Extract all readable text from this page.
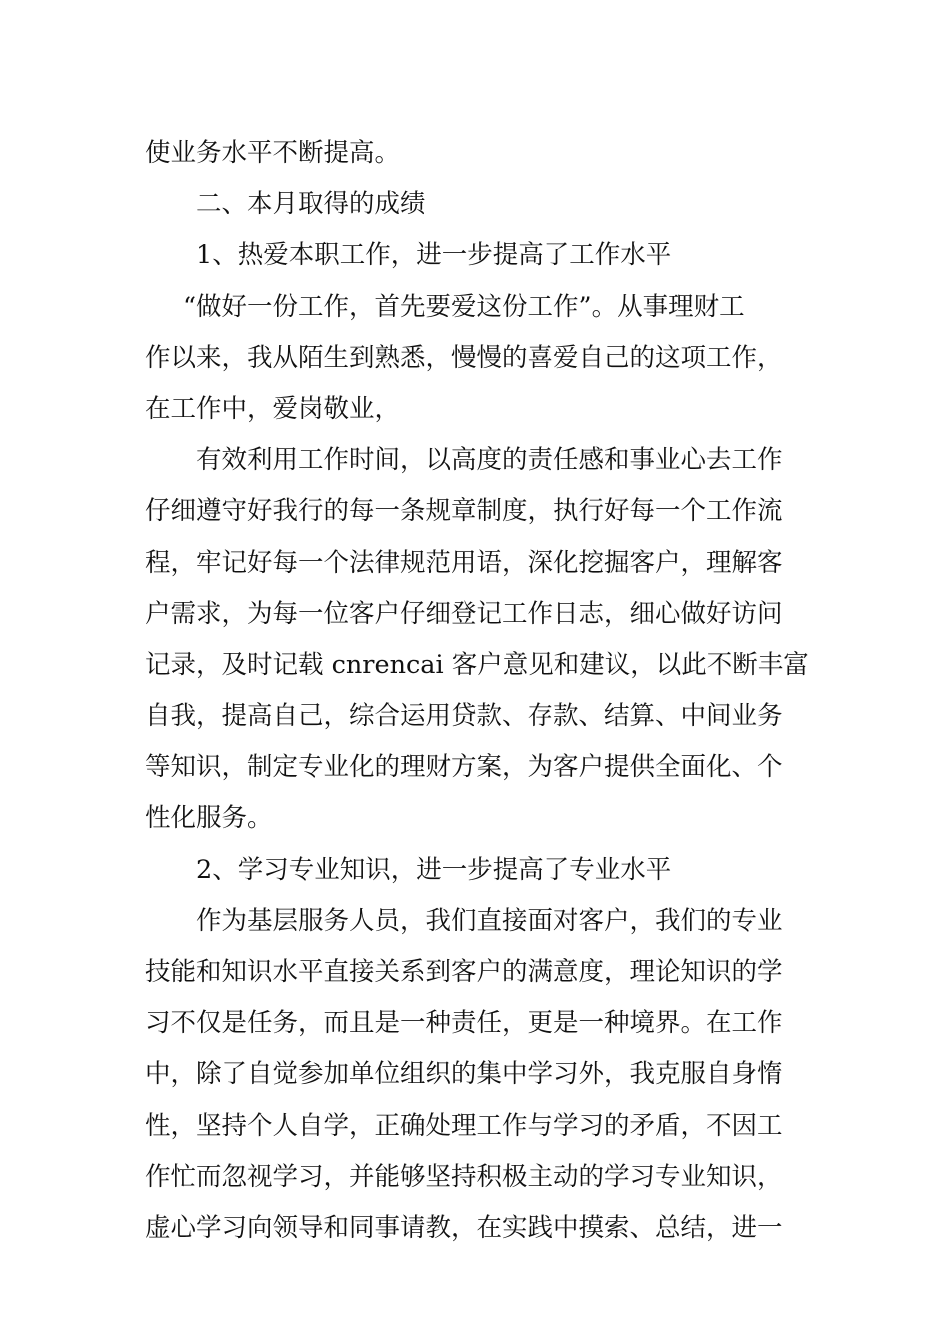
使业务水平不断提高。
二、本月取得的成绩
1、热爱本职工作，进一步提高了工作水平
“做好一份工作，首先要爱这份工作”。从事理财工
作以来，我从陌生到熟悉，慢慢的喜爱自己的这项工作，
在工作中，爱岗敬业，
有效利用工作时间，以高度的责任感和事业心去工作
仔细遵守好我行的每一条规章制度，执行好每一个工作流
程，牢记好每一个法律规范用语，深化挖掘客户，理解客
户需求，为每一位客户仔细登记工作日志，细心做好访问
记录，及时记载 cnrencai 客户意见和建议，以此不断丰富
自我，提高自己，综合运用贷款、存款、结算、中间业务
等知识，制定专业化的理财方案，为客户提供全面化、个
性化服务。
2、学习专业知识，进一步提高了专业水平
作为基层服务人员，我们直接面对客户，我们的专业
技能和知识水平直接关系到客户的满意度，理论知识的学
习不仅是任务，而且是一种责任，更是一种境界。在工作
中，除了自觉参加单位组织的集中学习外，我克服自身惰
性，坚持个人自学，正确处理工作与学习的矛盾，不因工
作忙而忽视学习，并能够坚持积极主动的学习专业知识，
虚心学习向领导和同事请教，在实践中摸索、总结，进一
